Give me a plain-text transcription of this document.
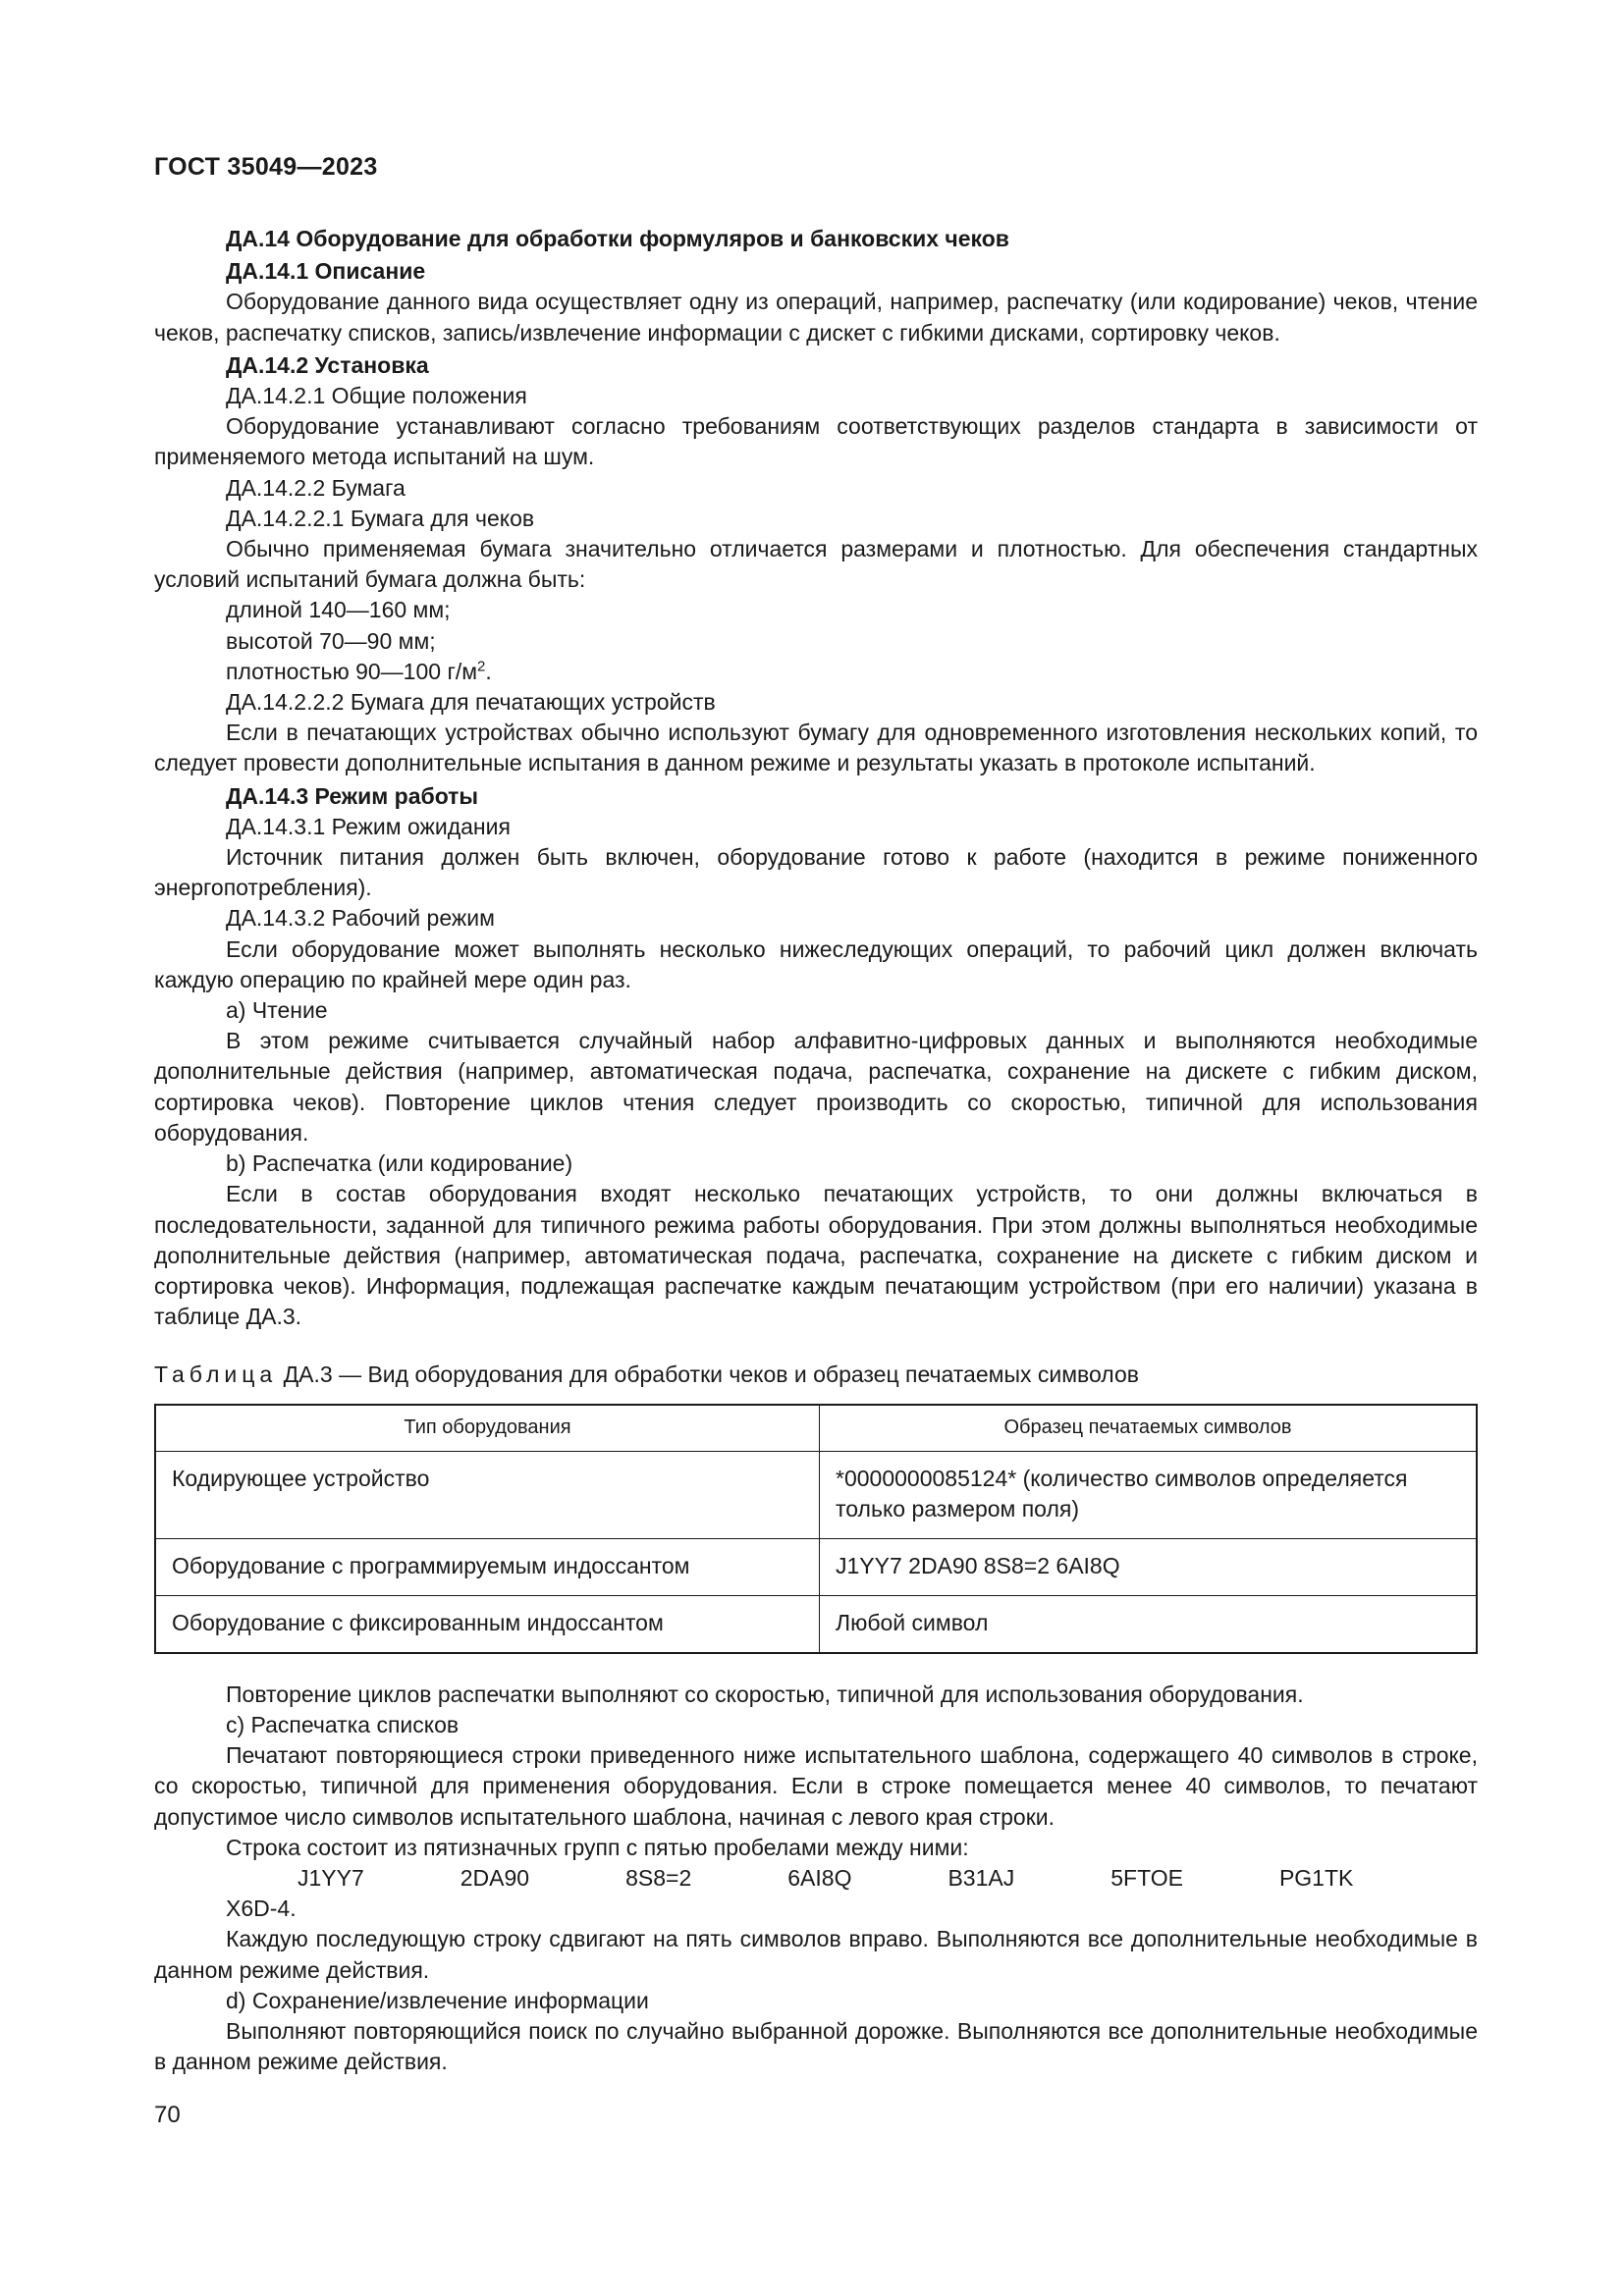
ГОСТ 35049—2023

ДА.14 Оборудование для обработки формуляров и банковских чеков

ДА.14.1 Описание

Оборудование данного вида осуществляет одну из операций, например, распечатку (или кодирование) чеков, чтение чеков, распечатку списков, запись/извлечение информации с дискет с гибкими дисками, сортировку чеков.

ДА.14.2 Установка

ДА.14.2.1 Общие положения

Оборудование устанавливают согласно требованиям соответствующих разделов стандарта в зависимости от применяемого метода испытаний на шум.

ДА.14.2.2 Бумага

ДА.14.2.2.1 Бумага для чеков

Обычно применяемая бумага значительно отличается размерами и плотностью. Для обеспечения стандартных условий испытаний бумага должна быть:

длиной 140—160 мм;

высотой 70—90 мм;

плотностью 90—100 $г/м^2$.

ДА.14.2.2.2 Бумага для печатающих устройств

Если в печатающих устройствах обычно используют бумагу для одновременного изготовления нескольких копий, то следует провести дополнительные испытания в данном режиме и результаты указать в протоколе испытаний.

ДА.14.3 Режим работы

ДА.14.3.1 Режим ожидания

Источник питания должен быть включен, оборудование готово к работе (находится в режиме пониженного энергопотребления).

ДА.14.3.2 Рабочий режим

Если оборудование может выполнять несколько нижеследующих операций, то рабочий цикл должен включать каждую операцию по крайней мере один раз.

а) Чтение

В этом режиме считывается случайный набор алфавитно-цифровых данных и выполняются необходимые дополнительные действия (например, автоматическая подача, распечатка, сохранение на дискете с гибким диском, сортировка чеков). Повторение циклов чтения следует производить со скоростью, типичной для использования оборудования.

b) Распечатка (или кодирование)

Если в состав оборудования входят несколько печатающих устройств, то они должны включаться в последовательности, заданной для типичного режима работы оборудования. При этом должны выполняться необходимые дополнительные действия (например, автоматическая подача, распечатка, сохранение на дискете с гибким диском и сортировка чеков). Информация, подлежащая распечатке каждым печатающим устройством (при его наличии) указана в таблице ДА.3.

Таблица ДА.3 — Вид оборудования для обработки чеков и образец печатаемых символов

Тип оборудования	Образец печатаемых символов
Кодирующее устройство	*0000000085124* (количество символов определяется только размером поля)
Оборудование с программируемым индоссантом	J1YY7 2DA90 8S8=2 6AI8Q
Оборудование с фиксированным индоссантом	Любой символ

Повторение циклов распечатки выполняют со скоростью, типичной для использования оборудования.

с) Распечатка списков

Печатают повторяющиеся строки приведенного ниже испытательного шаблона, содержащего 40 символов в строке, со скоростью, типичной для применения оборудования. Если в строке помещается менее 40 символов, то печатают допустимое число символов испытательного шаблона, начиная с левого края строки.

Строка состоит из пятизначных групп с пятью пробелами между ними:

J1YY7	2DA90	8S8=2	6AI8Q	B31AJ	5FTOE	PG1TKX6D-4.

Каждую последующую строку сдвигают на пять символов вправо. Выполняются все дополнительные необходимые в данном режиме действия.

d) Сохранение/извлечение информации

Выполняют повторяющийся поиск по случайно выбранной дорожке. Выполняются все дополнительные необходимые в данном режиме действия.

70
